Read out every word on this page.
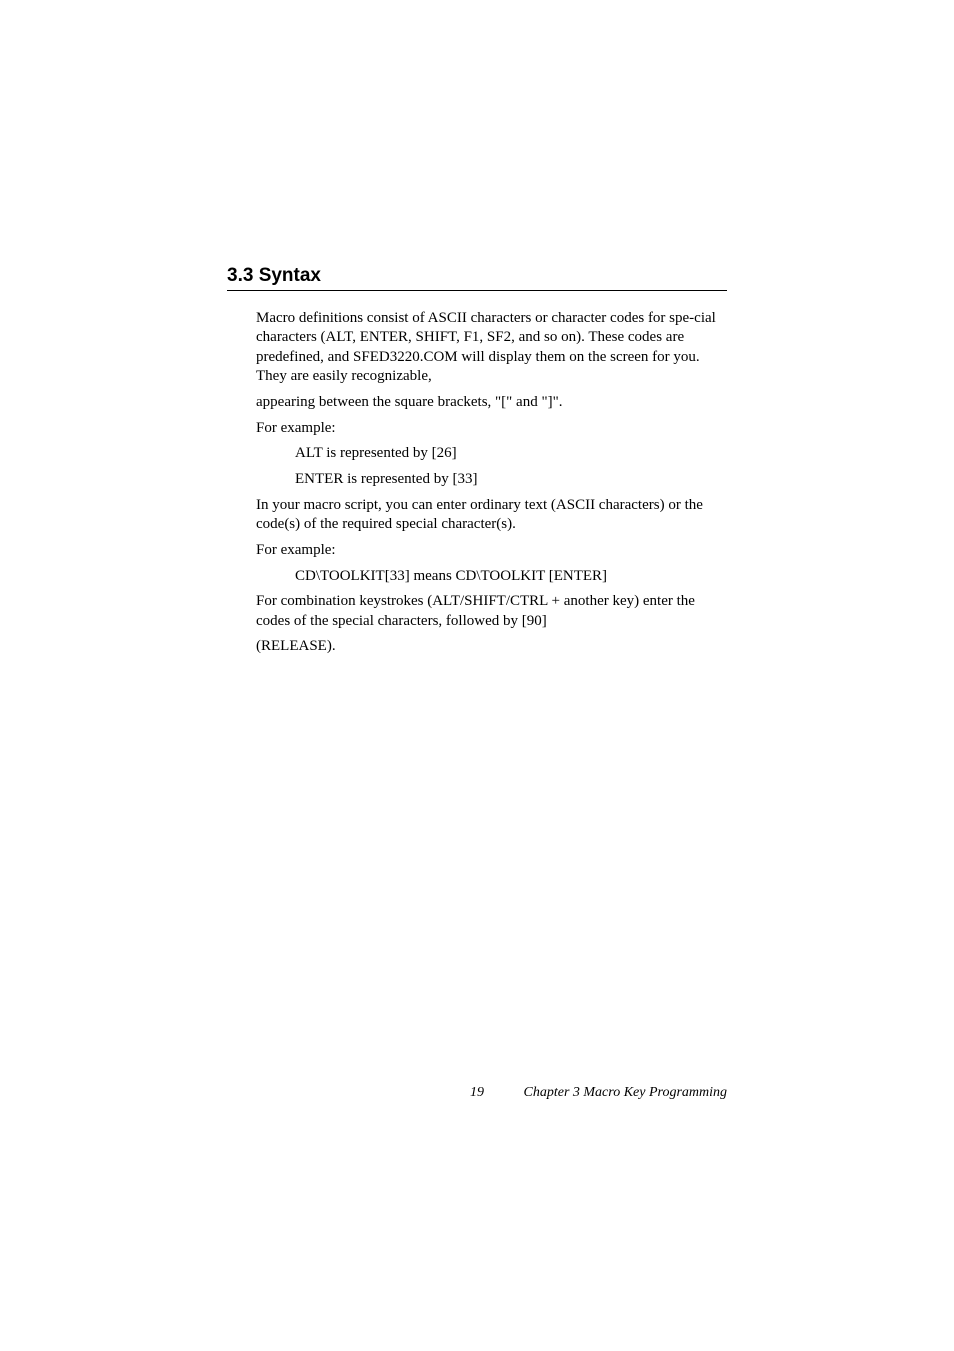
3.3 Syntax

Macro definitions consist of ASCII characters or character codes for spe-cial characters (ALT, ENTER, SHIFT, F1, SF2, and so on). These codes are predefined, and SFED3220.COM will display them on the screen for you. They are easily recognizable,

appearing between the square brackets, "[" and "]".

For example:

ALT is represented by [26]

ENTER is represented by [33]

In your macro script, you can enter ordinary text (ASCII characters) or the code(s) of the required special character(s).

For example:

CD\TOOLKIT[33] means CD\TOOLKIT [ENTER]

For combination keystrokes (ALT/SHIFT/CTRL + another key) enter the codes of the special characters, followed by [90]

(RELEASE).

19	Chapter 3 Macro Key Programming
